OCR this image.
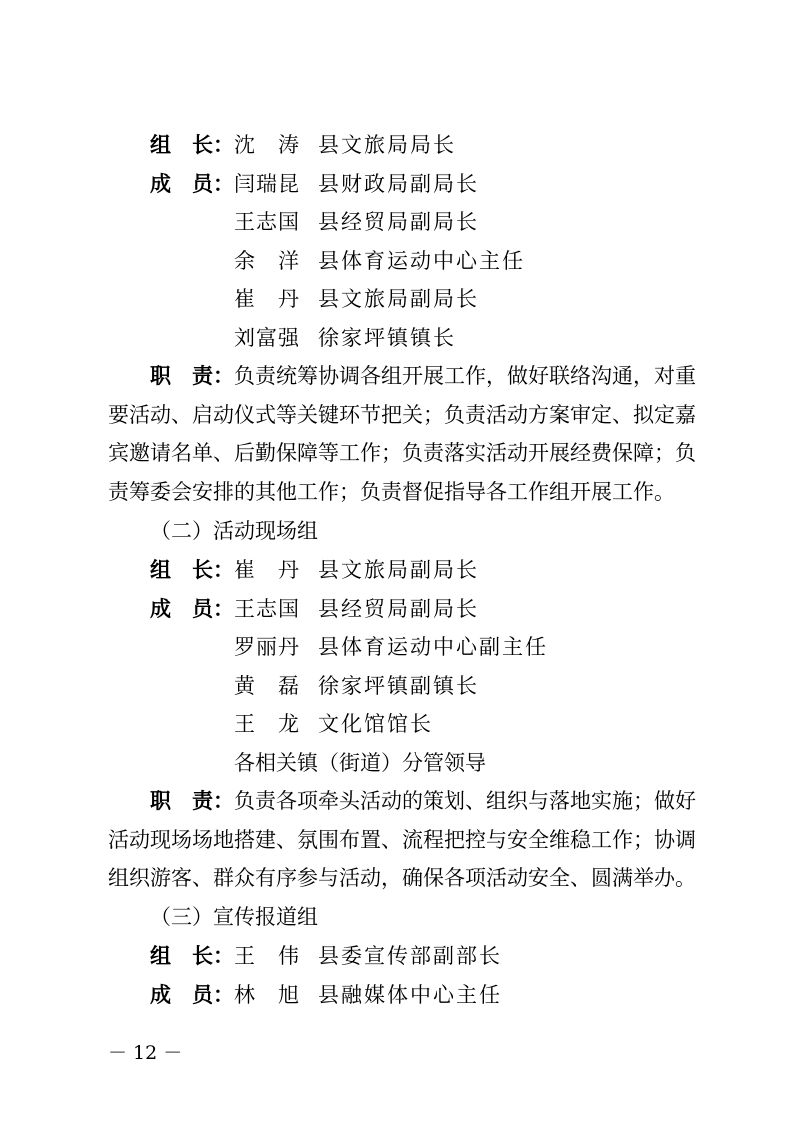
组 长： 沈　涛 县文旅局局长
成 员： 闫瑞昆 县财政局副局长
王志国 县经贸局副局长
余　洋 县体育运动中心主任
崔　丹 县文旅局副局长
刘富强 徐家坪镇镇长
职　责：负责统筹协调各组开展工作，做好联络沟通，对重要活动、启动仪式等关键环节把关；负责活动方案审定、拟定嘉宾邀请名单、后勤保障等工作；负责落实活动开展经费保障；负责筹委会安排的其他工作；负责督促指导各工作组开展工作。
（二）活动现场组
组 长： 崔　丹 县文旅局副局长
成 员： 王志国 县经贸局副局长
罗丽丹 县体育运动中心副主任
黄　磊 徐家坪镇副镇长
王　龙 文化馆馆长
各相关镇（街道）分管领导
职　责：负责各项牵头活动的策划、组织与落地实施；做好活动现场场地搭建、氛围布置、流程把控与安全维稳工作；协调组织游客、群众有序参与活动，确保各项活动安全、圆满举办。
（三）宣传报道组
组 长： 王　伟 县委宣传部副部长
成 员： 林　旭 县融媒体中心主任
－ 12 －
